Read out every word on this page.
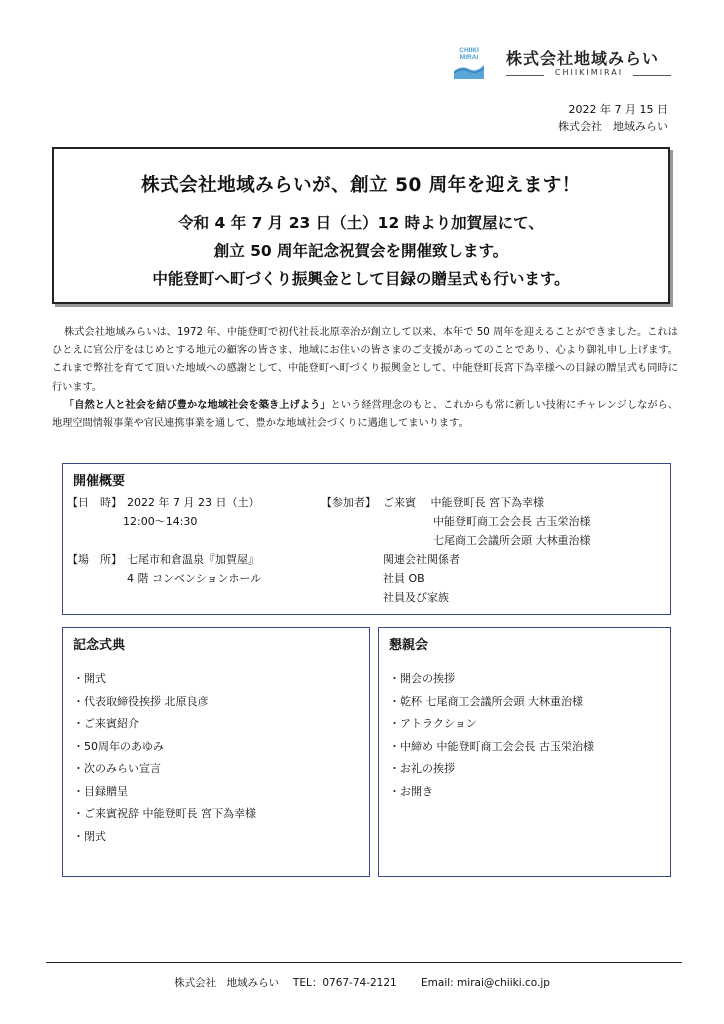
CHIIKI
MIRAI 株式会社地域みらい
CHIIKIMIRAI
2022 年 7 月 15 日
株式会社　地域みらい
株式会社地域みらいが、創立 50 周年を迎えます！
令和 4 年 7 月 23 日（土）12 時より加賀屋にて、
創立 50 周年記念祝賀会を開催致します。
中能登町へ町づくり振興金として目録の贈呈式も行います。

株式会社地域みらいは、1972 年、中能登町で初代社長北原幸治が創立して以来、本年で 50 周年を迎えることができました。これはひとえに官公庁をはじめとする地元の顧客の皆さま、地域にお住いの皆さまのご支援があってのことであり、心より御礼申し上げます。これまで弊社を育てて頂いた地域への感謝として、中能登町へ町づくり振興金として、中能登町長宮下為幸様への目録の贈呈式も同時に行います。

「自然と人と社会を結び豊かな地域社会を築き上げよう」という経営理念のもと、これからも常に新しい技術にチャレンジしながら、地理空間情報事業や官民連携事業を通して、豊かな地域社会づくりに邁進してまいります。

開催概要
【日　時】 2022 年 7 月 23 日（土）
12:00〜14:30
【場　所】 七尾市和倉温泉『加賀屋』
4 階 コンベンションホール
【参加者】 ご来賓　 中能登町長 宮下為幸様
中能登町商工会会長 古玉栄治様
七尾商工会議所会頭 大林重治様
関連会社関係者
社員 OB
社員及び家族
記念式典
・開式
・代表取締役挨拶 北原良彦
・ご来賓紹介
・50周年のあゆみ
・次のみらい宣言
・目録贈呈
・ご来賓祝辞 中能登町長 宮下為幸様
・閉式
懇親会
・開会の挨拶
・乾杯 七尾商工会議所会頭 大林重治様
・アトラクション
・中締め 中能登町商工会会長 古玉栄治様
・お礼の挨拶
・お開き
株式会社　地域みらい　 TEL：0767-74-2121　　 Email: mirai@chiiki.co.jp
